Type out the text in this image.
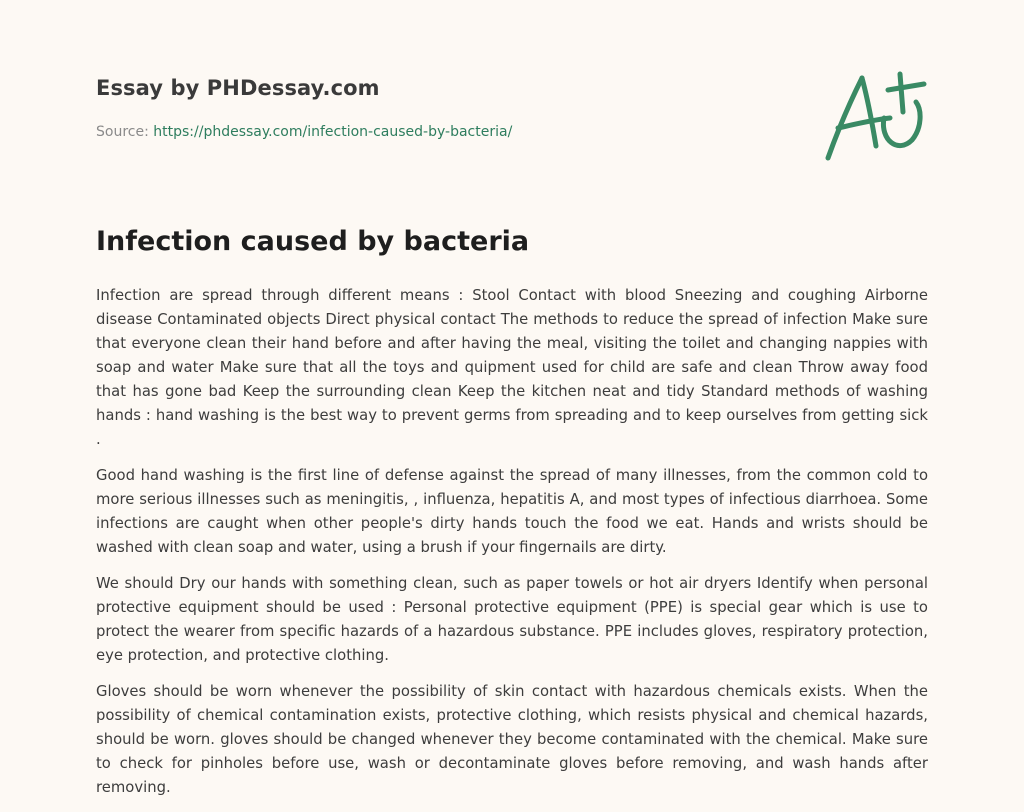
Essay by PHDessay.com
Source: https://phdessay.com/infection-caused-by-bacteria/
Infection caused by bacteria

Infection are spread through different means : Stool Contact with blood Sneezing and coughing Airborne disease Contaminated objects Direct physical contact The methods to reduce the spread of infection Make sure that everyone clean their hand before and after having the meal, visiting the toilet and changing nappies with soap and water Make sure that all the toys and quipment used for child are safe and clean Throw away food that has gone bad Keep the surrounding clean Keep the kitchen neat and tidy Standard methods of washing hands : hand washing is the best way to prevent germs from spreading and to keep ourselves from getting sick .

Good hand washing is the first line of defense against the spread of many illnesses, from the common cold to more serious illnesses such as meningitis, , influenza, hepatitis A, and most types of infectious diarrhoea. Some infections are caught when other people's dirty hands touch the food we eat. Hands and wrists should be washed with clean soap and water, using a brush if your fingernails are dirty.

We should Dry our hands with something clean, such as paper towels or hot air dryers Identify when personal protective equipment should be used : Personal protective equipment (PPE) is special gear which is use to protect the wearer from specific hazards of a hazardous substance. PPE includes gloves, respiratory protection, eye protection, and protective clothing.

Gloves should be worn whenever the possibility of skin contact with hazardous chemicals exists. When the possibility of chemical contamination exists, protective clothing, which resists physical and chemical hazards, should be worn. gloves should be changed whenever they become contaminated with the chemical. Make sure to check for pinholes before use, wash or decontaminate gloves before removing, and wash hands after removing.
